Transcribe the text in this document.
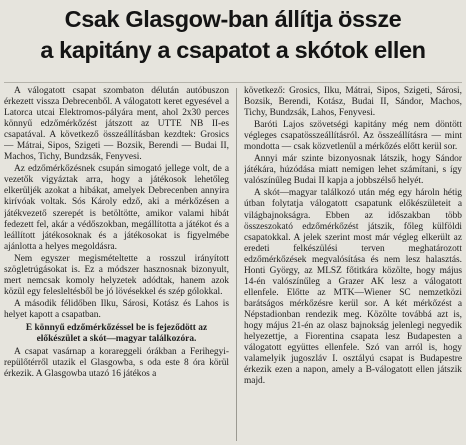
Csak Glasgow-ban állítja össze
a kapitány a csapatot a skótok ellen

A válogatott csapat szombaton délután autóbuszon érkezett vissza Debrecenből. A válogatott keret egyesével a Latorca utcai Elektromos-pályára ment, ahol 2x30 perces könnyű edzőmérkőzést játszott az UTTE NB II-es csapatával. A következő összeállításban kezdtek: Grosics — Mátrai, Sipos, Szigeti — Bozsik, Berendi — Budai II, Machos, Tichy, Bundzsák, Fenyvesi.

Az edzőmérkőzésnek csupán simogató jellege volt, de a vezetők vigyáztak arra, hogy a játékosok lehetőleg elkerüljék azokat a hibákat, amelyek Debrecenben annyira kirívóak voltak. Sós Károly edző, aki a mérkőzésen a játékvezető szerepét is betöltötte, amikor valami hibát fedezett fel, akár a védőszokban, megállította a játékot és a leállított játékosoknak és a játékosokat is figyelmébe ajánlotta a helyes megoldásra.

Nem egyszer megismételtette a rosszul irányított szögletrúgásokat is. Ez a módszer hasznosnak bizonyult, mert nemcsak komoly helyzetek adódtak, hanem azok közül egy felesleltésből be jó lövésekkel és szép gólokkal.

A második félidőben Ilku, Sárosi, Kotász és Lahos is helyet kapott a csapatban.

E könnyű edzőmérkőzéssel be is fejeződött az előkészület a skót—magyar találkozóra.

A csapat vasárnap a korareggeli órákban a Ferihegyi-repülőtérről utazik el Glasgowba, s oda este 8 óra körül érkezik. A Glasgowba utazó 16 játékos a

következő: Grosics, Ilku, Mátrai, Sipos, Szigeti, Sárosi, Bozsik, Berendi, Kotász, Budai II, Sándor, Machos, Tichy, Bundzsák, Lahos, Fenyvesi.

Baróti Lajos szövetségi kapitány még nem döntött végleges csapatösszeállításról. Az összeállításra — mint mondotta — csak közvetlenül a mérkőzés előtt kerül sor.

Annyi már szinte bizonyosnak látszik, hogy Sándor játékára, húzódása miatt nemigen lehet számítani, s így valószínűleg Budai II kapja a jobbszélső helyét.

A skót—magyar találkozó után még egy hároln hétig útban folytatja válogatott csapatunk előkészületeit a világbajnokságra. Ebben az időszakban több összeszokató edzőmérkőzést játszik, főleg külföldi csapatokkal. A jelek szerint most már végleg elkerült az eredeti felkészülési terven meghatározott edzőmérkőzések megvalósítása és nem lesz halasztás. Honti György, az MLSZ főtitkára közölte, hogy május 14-én valószínűleg a Grazer AK lesz a válogatott ellenfele. Előtte az MTK—Wiener SC nemzetközi barátságos mérkőzésre kerül sor. A két mérkőzést a Népstadionban rendezik meg. Közölte továbbá azt is, hogy május 21-én az olasz bajnokság jelenlegi negyedik helyezettje, a Fiorentina csapata lesz Budapesten a válogatott együttes ellenfele. Szó van arról is, hogy valamelyik jugoszláv I. osztályú csapat is Budapestre érkezik ezen a napon, amely a B-válogatott ellen játszik majd.
